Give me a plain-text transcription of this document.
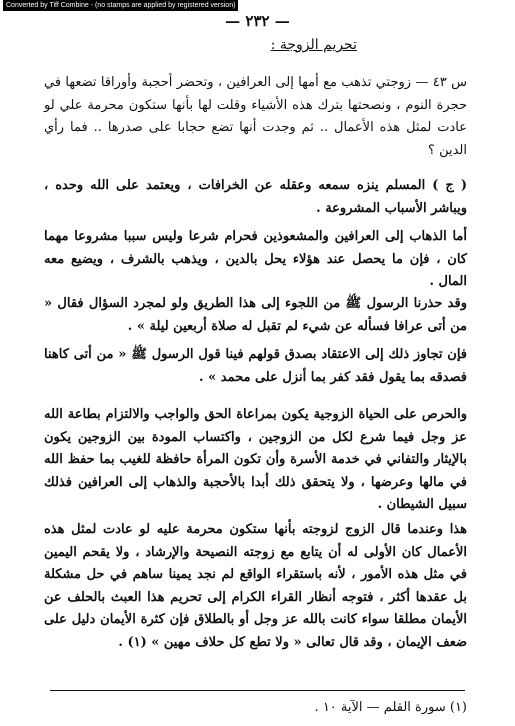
Converted by Tiff Combine - (no stamps are applied by registered version)
— ٢٣٢ —
تحريم الزوجة :

س ٤٣ — زوجتي تذهب مع أمها إلى العرافين ، وتحضر أحجبة وأوراقا تضعها في حجرة النوم ، ونصحتها بترك هذه الأشياء وقلت لها بأنها ستكون محرمة علي لو عادت لمثل هذه الأعمال .. ثم وجدت أنها تضع حجابا على صدرها .. فما رأي الدين ؟

( ج ) المسلم ينزه سمعه وعقله عن الخرافات ، ويعتمد على الله وحده ، ويباشر الأسباب المشروعة .

أما الذهاب إلى العرافين والمشعوذين فحرام شرعا وليس سببا مشروعا مهما كان ، فإن ما يحصل عند هؤلاء يحل بالدين ، ويذهب بالشرف ، ويضيع معه المال .

وقد حذرنا الرسول ﷺ من اللجوء إلى هذا الطريق ولو لمجرد السؤال فقال « من أتى عرافا فسأله عن شيء لم تقبل له صلاة أربعين ليلة » .

فإن تجاوز ذلك إلى الاعتقاد بصدق قولهم فينا قول الرسول ﷺ « من أتى كاهنا فصدقه بما يقول فقد كفر بما أنزل على محمد » .

والحرص على الحياة الزوجية يكون بمراعاة الحق والواجب والالتزام بطاعة الله عز وجل فيما شرع لكل من الزوجين ، واكتساب المودة بين الزوجين يكون بالإيثار والتفاني في خدمة الأسرة وأن تكون المرأة حافظة للغيب بما حفظ الله في مالها وعرضها ، ولا يتحقق ذلك أبدا بالأحجبة والذهاب إلى العرافين فذلك سبيل الشيطان .

هذا وعندما قال الزوج لزوجته بأنها ستكون محرمة عليه لو عادت لمثل هذه الأعمال كان الأولى له أن يتابع مع زوجته النصيحة والإرشاد ، ولا يقحم اليمين في مثل هذه الأمور ، لأنه باستقراء الواقع لم نجد يمينا ساهم في حل مشكلة بل عقدها أكثر ، فتوجه أنظار القراء الكرام إلى تحريم هذا العبث بالحلف عن الأيمان مطلقا سواء كانت بالله عز وجل أو بالطلاق فإن كثرة الأيمان دليل على ضعف الإيمان ، وقد قال تعالى « ولا تطع كل حلاف مهين » (١) .

(١) سورة القلم — الآية ١٠ .
